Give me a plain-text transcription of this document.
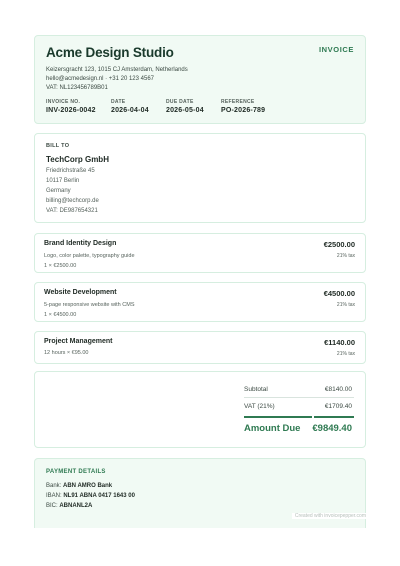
Acme Design Studio	INVOICE
Keizersgracht 123, 1015 CJ Amsterdam, Netherlands
hello@acmedesign.nl · +31 20 123 4567
VAT: NL123456789B01
INVOICE NO.
INV-2026-0042
DATE
2026-04-04
DUE DATE
2026-05-04
REFERENCE
PO-2026-789
BILL TO
TechCorp GmbH
Friedrichstraße 45
10117 Berlin
Germany
billing@techcorp.de
VAT: DE987654321
Brand Identity Design
Logo, color palette, typography guide
1 × €2500.00
€2500.00
21% tax
Website Development
5-page responsive website with CMS
1 × €4500.00
€4500.00
21% tax
Project Management
12 hours × €95.00
€1140.00
21% tax
Subtotal	€8140.00
VAT (21%)	€1709.40
Amount Due €9849.40
PAYMENT DETAILS
Bank: ABN AMRO Bank
IBAN: NL91 ABNA 0417 1643 00
BIC: ABNANL2A
Created with invoicepepper.com
